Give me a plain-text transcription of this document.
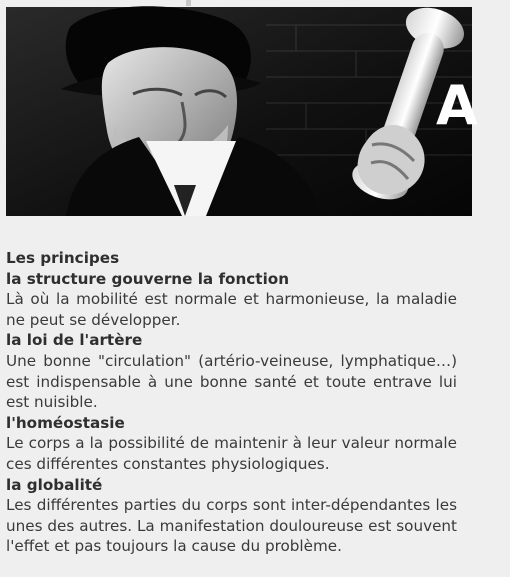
A

Les principes

la structure gouverne la fonction

Là où la mobilité est normale et harmonieuse, la maladie ne peut se développer.

la loi de l'artère

Une bonne "circulation" (artério-veineuse, lymphatique…) est indispensable à une bonne santé et toute entrave lui est nuisible.

l'homéostasie

Le corps a la possibilité de maintenir à leur valeur normale ces différentes constantes physiologiques.

la globalité

Les différentes parties du corps sont inter-dépendantes les unes des autres. La manifestation douloureuse est souvent l'effet et pas toujours la cause du problème.
